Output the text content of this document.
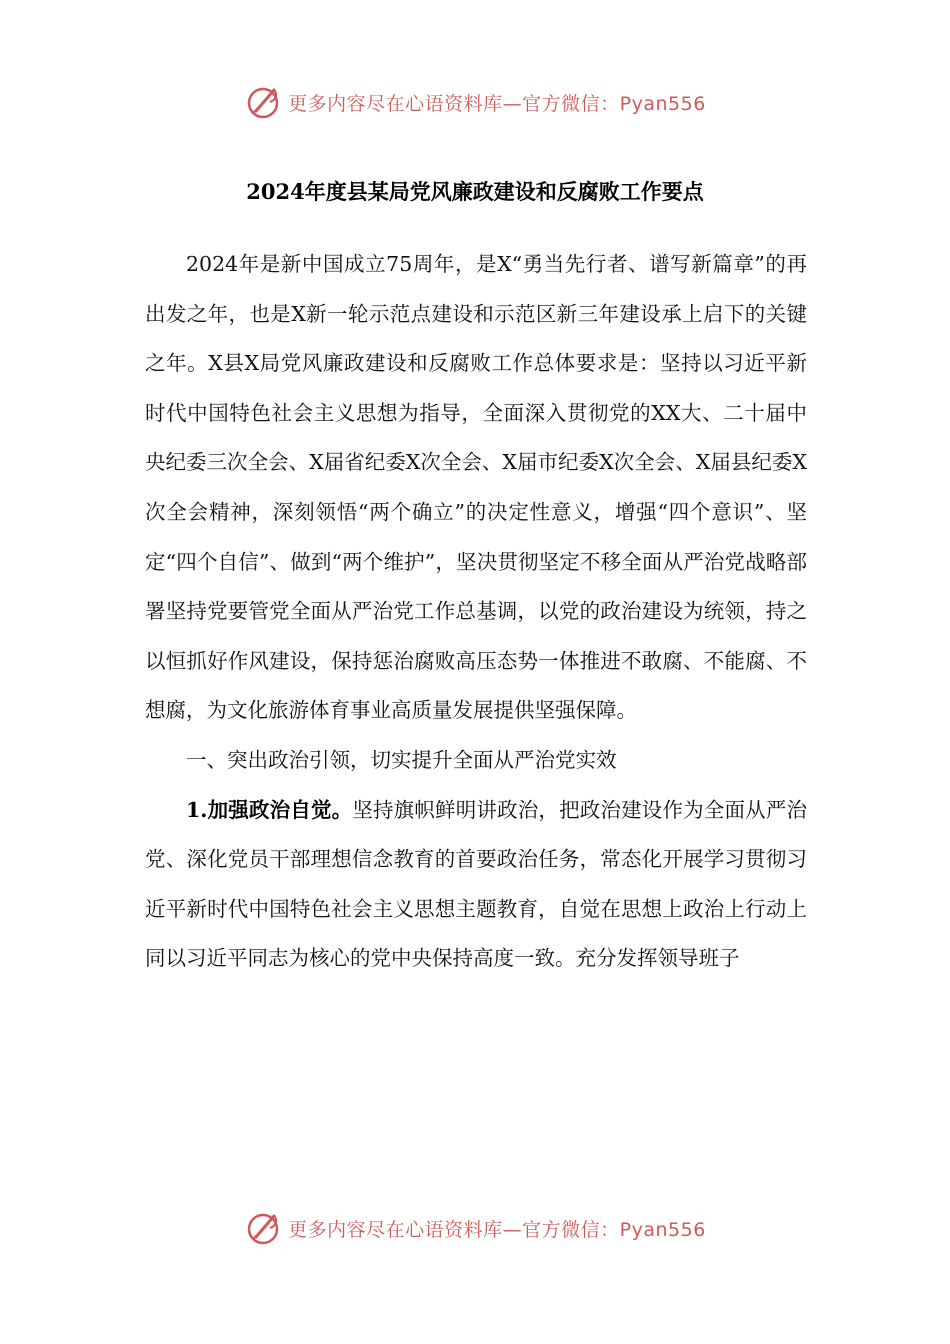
更多内容尽在心语资料库—官方微信：Pyan556
2024年度县某局党风廉政建设和反腐败工作要点

2024年是新中国成立75周年，是X“勇当先行者、谱写新篇章”的再出发之年，也是X新一轮示范点建设和示范区新三年建设承上启下的关键之年。X县X局党风廉政建设和反腐败工作总体要求是：坚持以习近平新时代中国特色社会主义思想为指导，全面深入贯彻党的XX大、二十届中央纪委三次全会、X届省纪委X次全会、X届市纪委X次全会、X届县纪委X次全会精神，深刻领悟“两个确立”的决定性意义，增强“四个意识”、坚定“四个自信”、做到“两个维护”，坚决贯彻坚定不移全面从严治党战略部署坚持党要管党全面从严治党工作总基调，以党的政治建设为统领，持之以恒抓好作风建设，保持惩治腐败高压态势一体推进不敢腐、不能腐、不想腐，为文化旅游体育事业高质量发展提供坚强保障。

一、突出政治引领，切实提升全面从严治党实效

1.加强政治自觉。坚持旗帜鲜明讲政治，把政治建设作为全面从严治党、深化党员干部理想信念教育的首要政治任务，常态化开展学习贯彻习近平新时代中国特色社会主义思想主题教育，自觉在思想上政治上行动上同以习近平同志为核心的党中央保持高度一致。充分发挥领导班子

更多内容尽在心语资料库—官方微信：Pyan556
